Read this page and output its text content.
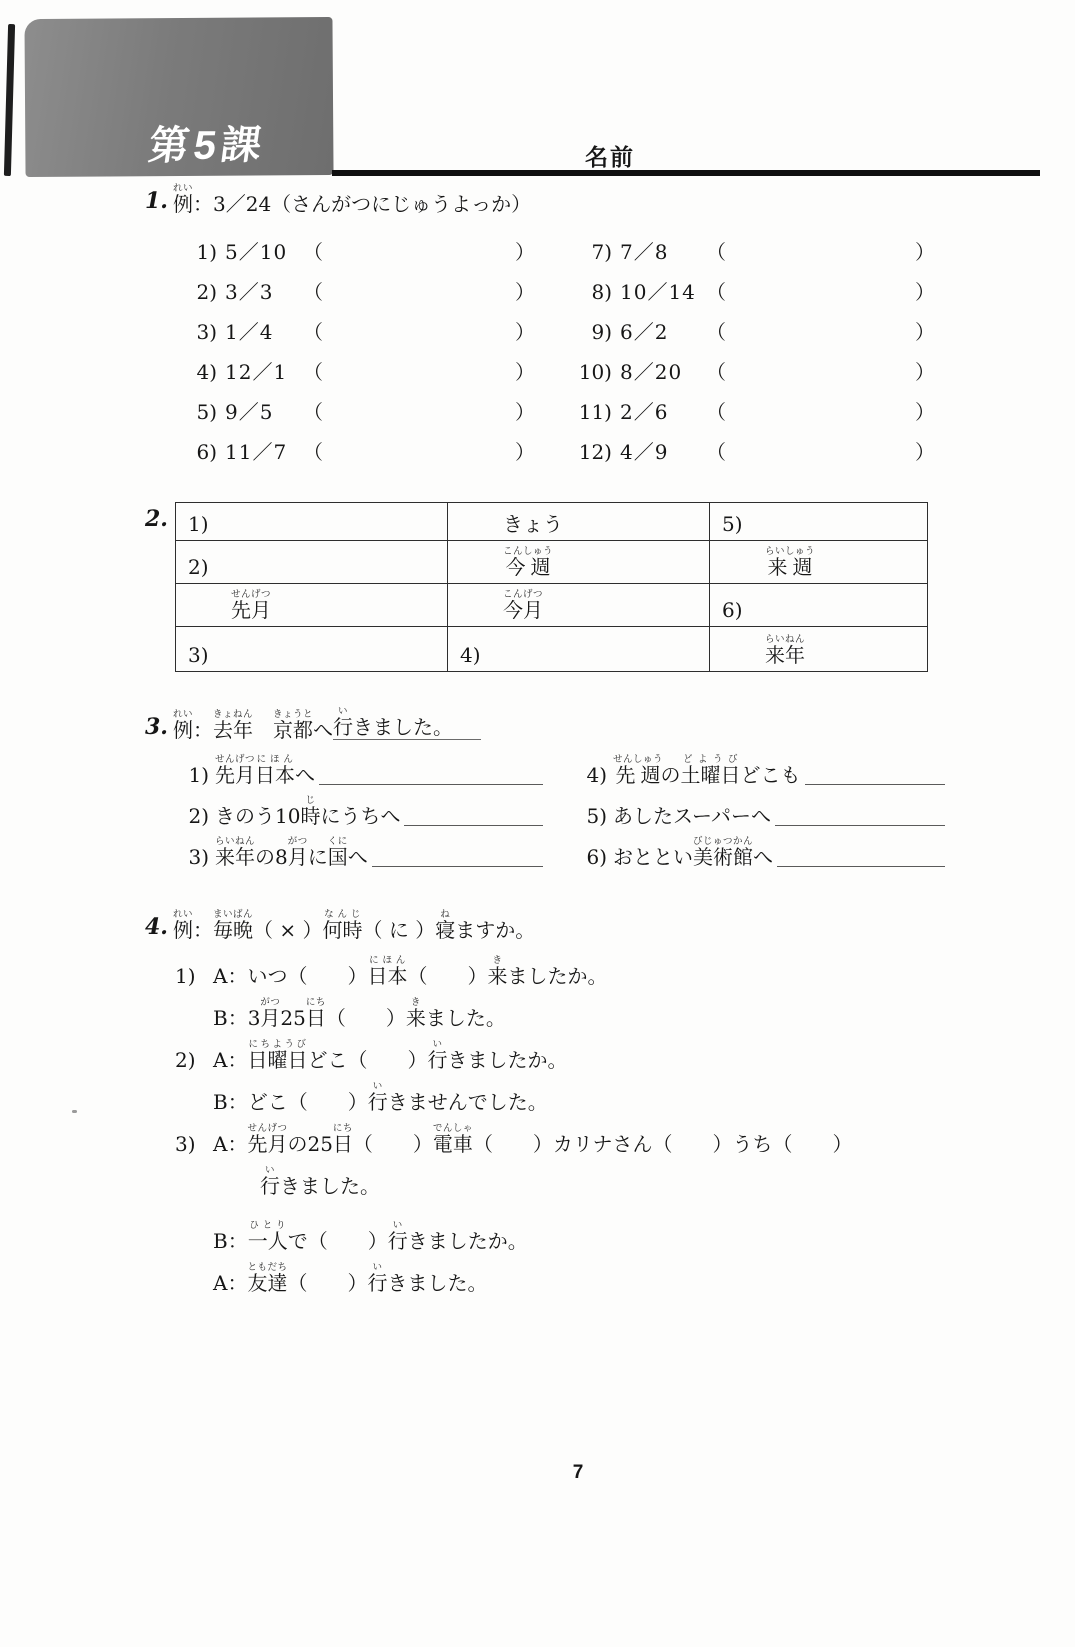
第5課	名前
1. 例れい：3／24（さんがつにじゅうよっか）
1) 5／10 （	）
2) 3／3	（	）
3) 1／4	（	）
4) 12／1 （	）
5) 9／5	（	）
6) 11／7 （	）
7) 7／8	（	）
8) 10／14 （	）
9) 6／2	（	）
10) 8／20	（	）
11) 2／6	（	）
12) 4／9	（	）
2. 1)	きょう	5)
2)	今週こんしゅう	来週らいしゅう
先月せんげつ	今月こんげつ	6)
3)	4)	来年らいねん
3. 例れい：去年きょねん　京都きょうとへ 行いきました。
1) 先月せんげつ日本にほんへ
2) きのう10時じにうちへ
3) 来年らいねんの8月がつに国くにへ
4) 先週せんしゅうの土曜日どようびどこも
5) あしたスーパーへ
6) おととい美術館びじゅつかんへ
4. 例れい：毎晩まいばん（ × ）何時なんじ（ に ）寝ねますか。
1) A：いつ（　　）日本にほん（　　）来きましたか。
B：3月がつ25日にち（　　）来きました。
2) A：日曜日にちようびどこ（　　）行いきましたか。
B：どこ（　　）行いきませんでした。
3) A：先月せんげつの25日にち（　　）電車でんしゃ（　　）カリナさん（　　）うち（　　）
行いきました。
B：一人ひとりで（　　）行いきましたか。
A：友達ともだち（　　）行いきました。
7
